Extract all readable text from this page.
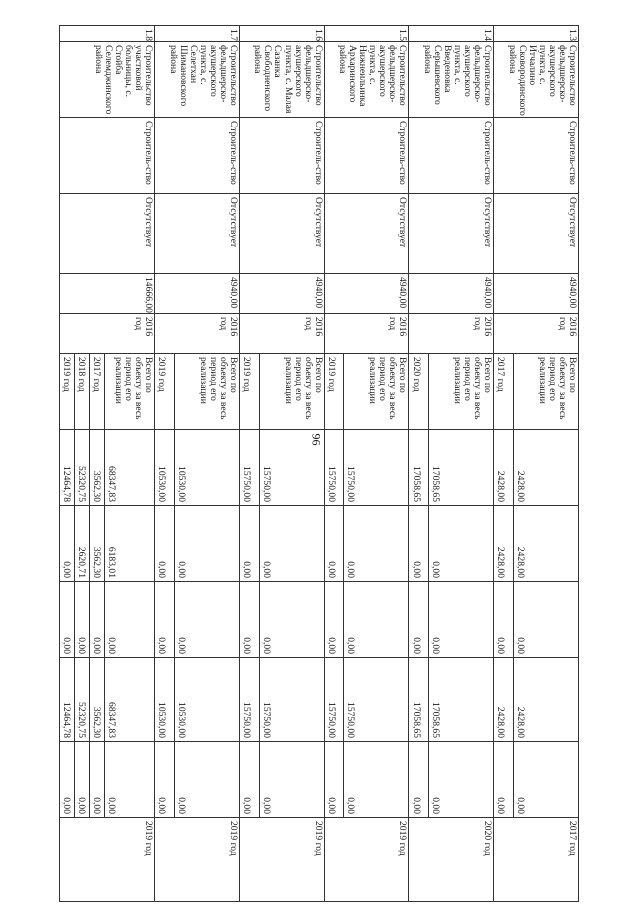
96
1.3	Строительство фельдшерско-акушерского пункта, с. Итчалино Сковородинского района	Строитель-ство	Отсутствует	4940,00	2016 год	Всего по объекту за весь период его реализации	2428,00	2428,00	0,00	2428,00	0,00	2017 год
						2017 год	2428,00	2428,00	0,00	2428,00	0,00	
1.4	Строительство фельдшерско-акушерского пункта, с. Введеновка Серышевского района	Строитель-ство	Отсутствует	4940,00	2016 год	Всего по объекту за весь период его реализации	17058,65	0,00	0,00	17058,65	0,00	2020 год
						2020 год	17058,65	0,00	0,00	17058,65	0,00	
1.5	Строительство фельдшерско-акушерского пункта, с. Нижнеильинка Архаринского района	Строитель-ство	Отсутствует	4940,00	2016 год	Всего по объекту за весь период его реализации	15750,00	0,00	0,00	15750,00	0,00	2019 год
						2019 год	15750,00	0,00	0,00	15750,00	0,00	
1.6	Строительство фельдшерско-акушерского пункта, с. Малая Сазанка Свободненского района	Строитель-ство	Отсутствует	4940,00	2016 год	Всего по объекту за весь период его реализации	15750,00	0,00	0,00	15750,00	0,00	2019 год
						2019 год	15750,00	0,00	0,00	15750,00	0,00	
1.7	Строительство фельдшерско-акушерского пункта, с. Селетхан Шимановского района	Строитель-ство	Отсутствует	4940,00	2016 год	Всего по объекту за весь период его реализации	10530,00	0,00	0,00	10530,00	0,00	2019 год
						2019 год	10530,00	0,00	0,00	10530,00	0,00	
1.8	Строительство участковой больницы, с. Стойба Селемджинского района	Строитель-ство	Отсутствует	14666,00	2016 год	Всего по объекту за весь период его реализации	68347,83	6183,01	0,00	68347,83	0,00	2019 год
						2017 год	3562,30	3562,30	0,00	3562,30	0,00	
						2018 год	52320,75	2620,71	0,00	52320,75	0,00	
						2019 год	12464,78	0,00	0,00	12464,78	0,00	
